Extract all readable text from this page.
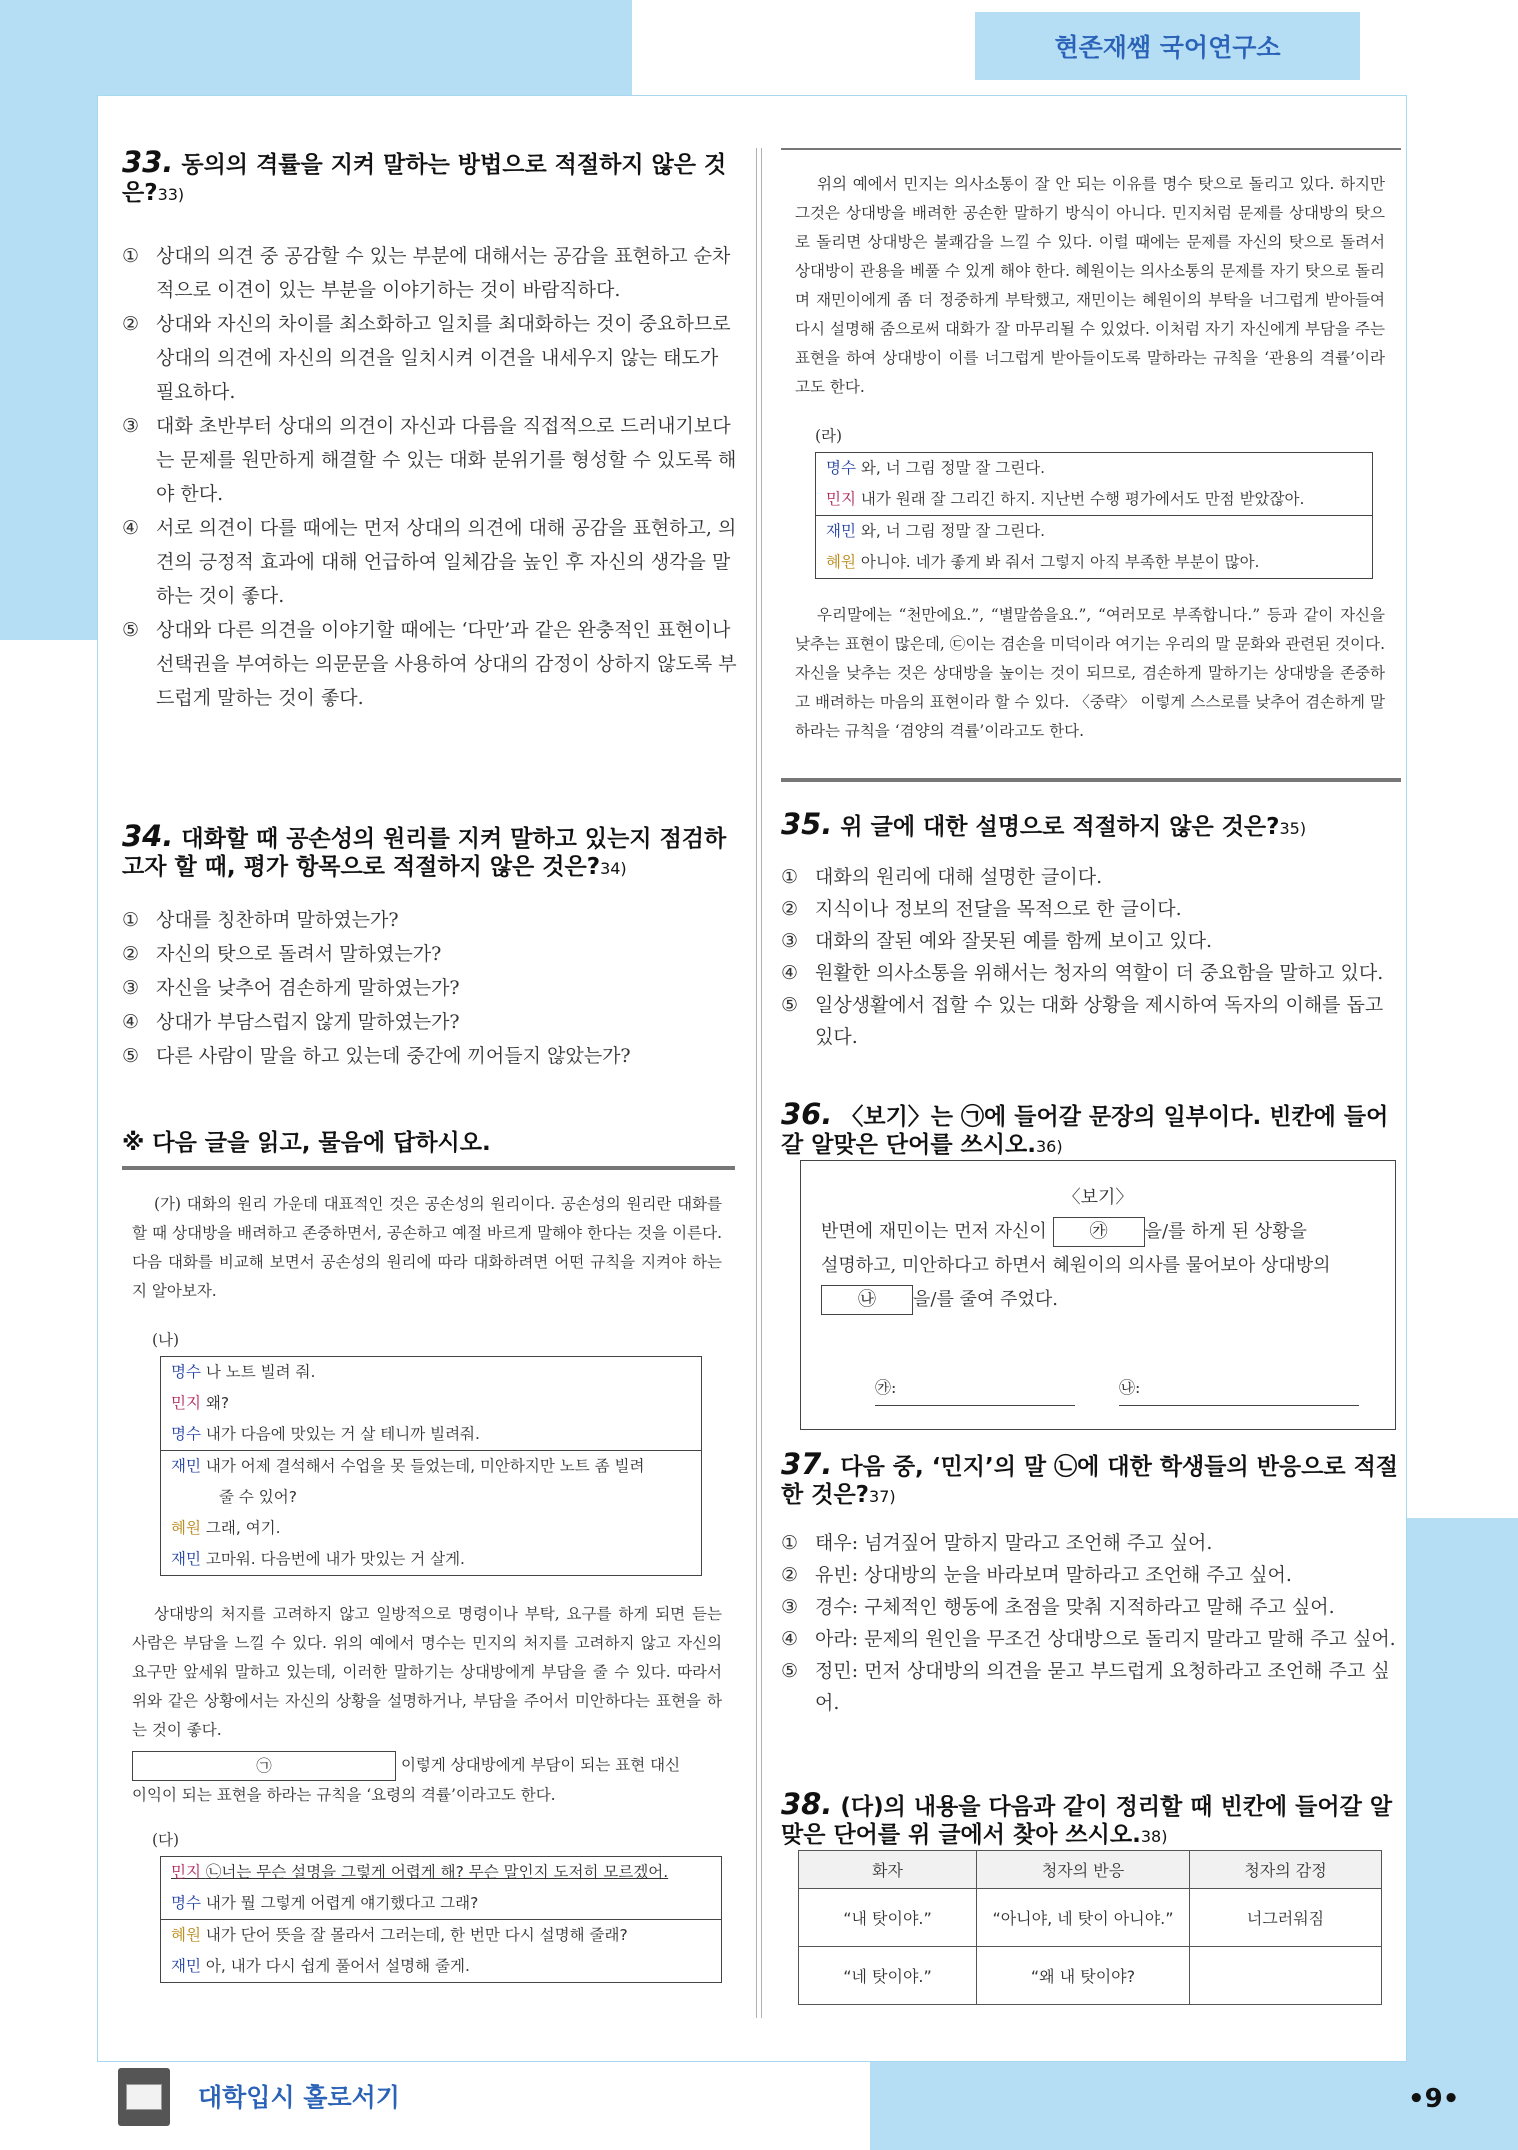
현존재쌤 국어연구소
33. 동의의 격률을 지켜 말하는 방법으로 적절하지 않은 것은?33)
① 상대의 의견 중 공감할 수 있는 부분에 대해서는 공감을 표현하고 순차적으로 이견이 있는 부분을 이야기하는 것이 바람직하다.
② 상대와 자신의 차이를 최소화하고 일치를 최대화하는 것이 중요하므로 상대의 의견에 자신의 의견을 일치시켜 이견을 내세우지 않는 태도가 필요하다.
③ 대화 초반부터 상대의 의견이 자신과 다름을 직접적으로 드러내기보다는 문제를 원만하게 해결할 수 있는 대화 분위기를 형성할 수 있도록 해야 한다.
④ 서로 의견이 다를 때에는 먼저 상대의 의견에 대해 공감을 표현하고, 의견의 긍정적 효과에 대해 언급하여 일체감을 높인 후 자신의 생각을 말하는 것이 좋다.
⑤ 상대와 다른 의견을 이야기할 때에는 ‘다만’과 같은 완충적인 표현이나 선택권을 부여하는 의문문을 사용하여 상대의 감정이 상하지 않도록 부드럽게 말하는 것이 좋다.
34. 대화할 때 공손성의 원리를 지켜 말하고 있는지 점검하고자 할 때, 평가 항목으로 적절하지 않은 것은?34)
① 상대를 칭찬하며 말하였는가?
② 자신의 탓으로 돌려서 말하였는가?
③ 자신을 낮추어 겸손하게 말하였는가?
④ 상대가 부담스럽지 않게 말하였는가?
⑤ 다른 사람이 말을 하고 있는데 중간에 끼어들지 않았는가?
※ 다음 글을 읽고, 물음에 답하시오.
(가) 대화의 원리 가운데 대표적인 것은 공손성의 원리이다. 공손성의 원리란 대화를 할 때 상대방을 배려하고 존중하면서, 공손하고 예절 바르게 말해야 한다는 것을 이른다. 다음 대화를 비교해 보면서 공손성의 원리에 따라 대화하려면 어떤 규칙을 지켜야 하는지 알아보자.
(나)
명수 나 노트 빌려 줘.
민지 왜?
명수 내가 다음에 맛있는 거 살 테니까 빌려줘.
재민 내가 어제 결석해서 수업을 못 들었는데, 미안하지만 노트 좀 빌려
줄 수 있어?
혜원 그래, 여기.
재민 고마워. 다음번에 내가 맛있는 거 살게.
상대방의 처지를 고려하지 않고 일방적으로 명령이나 부탁, 요구를 하게 되면 듣는 사람은 부담을 느낄 수 있다. 위의 예에서 명수는 민지의 처지를 고려하지 않고 자신의 요구만 앞세워 말하고 있는데, 이러한 말하기는 상대방에게 부담을 줄 수 있다. 따라서 위와 같은 상황에서는 자신의 상황을 설명하거나, 부담을 주어서 미안하다는 표현을 하는 것이 좋다.
㉠	이렇게 상대방에게 부담이 되는 표현 대신
이익이 되는 표현을 하라는 규칙을 ‘요령의 격률’이라고도 한다.
(다)
민지 ㉡너는 무슨 설명을 그렇게 어렵게 해? 무슨 말인지 도저히 모르겠어.
명수 내가 뭘 그렇게 어렵게 얘기했다고 그래?
혜원 내가 단어 뜻을 잘 몰라서 그러는데, 한 번만 다시 설명해 줄래?
재민 아, 내가 다시 쉽게 풀어서 설명해 줄게.
위의 예에서 민지는 의사소통이 잘 안 되는 이유를 명수 탓으로 돌리고 있다. 하지만 그것은 상대방을 배려한 공손한 말하기 방식이 아니다. 민지처럼 문제를 상대방의 탓으로 돌리면 상대방은 불쾌감을 느낄 수 있다. 이럴 때에는 문제를 자신의 탓으로 돌려서 상대방이 관용을 베풀 수 있게 해야 한다. 혜원이는 의사소통의 문제를 자기 탓으로 돌리며 재민이에게 좀 더 정중하게 부탁했고, 재민이는 혜원이의 부탁을 너그럽게 받아들여 다시 설명해 줌으로써 대화가 잘 마무리될 수 있었다. 이처럼 자기 자신에게 부담을 주는 표현을 하여 상대방이 이를 너그럽게 받아들이도록 말하라는 규칙을 ‘관용의 격률’이라고도 한다.
(라)
명수 와, 너 그림 정말 잘 그린다.
민지 내가 원래 잘 그리긴 하지. 지난번 수행 평가에서도 만점 받았잖아.
재민 와, 너 그림 정말 잘 그린다.
혜원 아니야. 네가 좋게 봐 줘서 그렇지 아직 부족한 부분이 많아.
우리말에는 “천만에요.”, “별말씀을요.”, “여러모로 부족합니다.” 등과 같이 자신을 낮추는 표현이 많은데, ㉢이는 겸손을 미덕이라 여기는 우리의 말 문화와 관련된 것이다. 자신을 낮추는 것은 상대방을 높이는 것이 되므로, 겸손하게 말하기는 상대방을 존중하고 배려하는 마음의 표현이라 할 수 있다. 〈중략〉 이렇게 스스로를 낮추어 겸손하게 말하라는 규칙을 ‘겸양의 격률’이라고도 한다.
35. 위 글에 대한 설명으로 적절하지 않은 것은?35)
① 대화의 원리에 대해 설명한 글이다.
② 지식이나 정보의 전달을 목적으로 한 글이다.
③ 대화의 잘된 예와 잘못된 예를 함께 보이고 있다.
④ 원활한 의사소통을 위해서는 청자의 역할이 더 중요함을 말하고 있다.
⑤ 일상생활에서 접할 수 있는 대화 상황을 제시하여 독자의 이해를 돕고 있다.
36. 〈보기〉는 ㉠에 들어갈 문장의 일부이다. 빈칸에 들어갈 알맞은 단어를 쓰시오.36)
〈보기〉
반면에 재민이는 먼저 자신이 ㉮ 을/를 하게 된 상황을
설명하고, 미안하다고 하면서 혜원이의 의사를 물어보아 상대방의
㉯ 을/를 줄여 주었다.
㉮:	㉯:
37. 다음 중, ‘민지’의 말 ㉡에 대한 학생들의 반응으로 적절한 것은?37)
① 태우: 넘겨짚어 말하지 말라고 조언해 주고 싶어.
② 유빈: 상대방의 눈을 바라보며 말하라고 조언해 주고 싶어.
③ 경수: 구체적인 행동에 초점을 맞춰 지적하라고 말해 주고 싶어.
④ 아라: 문제의 원인을 무조건 상대방으로 돌리지 말라고 말해 주고 싶어.
⑤ 정민: 먼저 상대방의 의견을 묻고 부드럽게 요청하라고 조언해 주고 싶어.
38. (다)의 내용을 다음과 같이 정리할 때 빈칸에 들어갈 알맞은 단어를 위 글에서 찾아 쓰시오.38)
화자	청자의 반응	청자의 감정
“내 탓이야.”	“아니야, 네 탓이 아니야.”	너그러워짐
“네 탓이야.”	“왜 내 탓이야?	
대학입시 홀로서기	•9•
